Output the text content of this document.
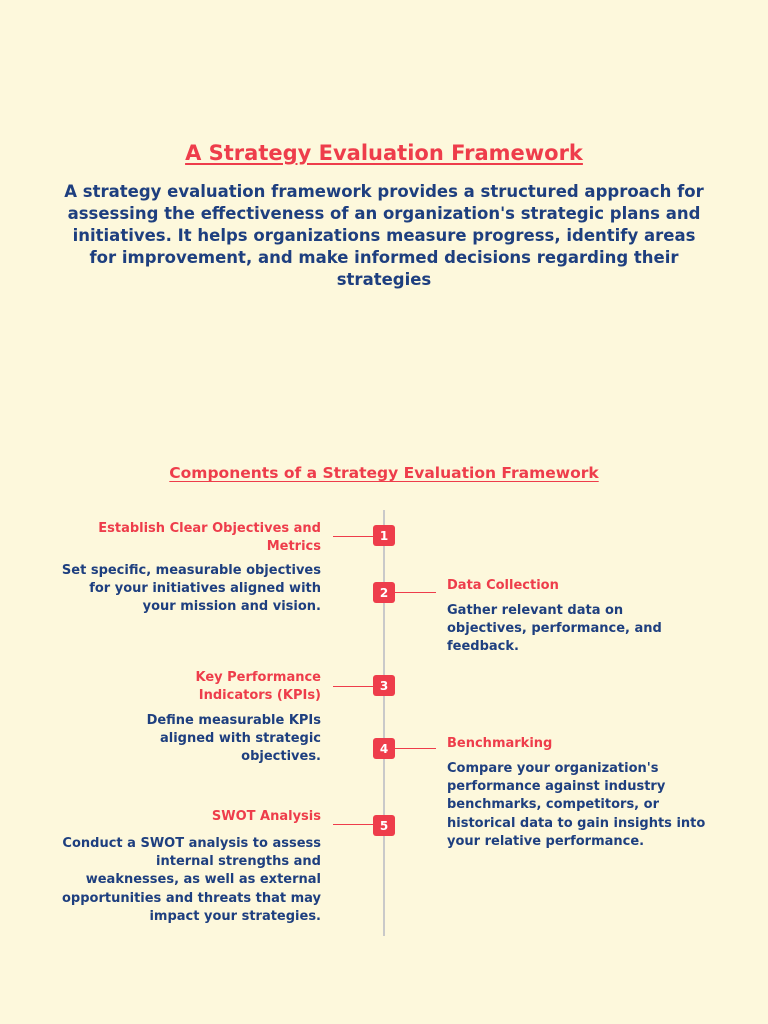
A Strategy Evaluation Framework

A strategy evaluation framework provides a structured approach for assessing the effectiveness of an organization's strategic plans and initiatives. It helps organizations measure progress, identify areas for improvement, and make informed decisions regarding their strategies

Components of a Strategy Evaluation Framework
1

Establish Clear Objectives and Metrics

Set specific, measurable objectives for your initiatives aligned with your mission and vision.

2	Data Collection

Gather relevant data on objectives, performance, and feedback.

3

Key Performance Indicators (KPIs)

Define measurable KPIs aligned with strategic objectives.

4	Benchmarking

Compare your organization's performance against industry benchmarks, competitors, or historical data to gain insights into your relative performance.

5

SWOT Analysis

Conduct a SWOT analysis to assess internal strengths and weaknesses, as well as external opportunities and threats that may impact your strategies.
